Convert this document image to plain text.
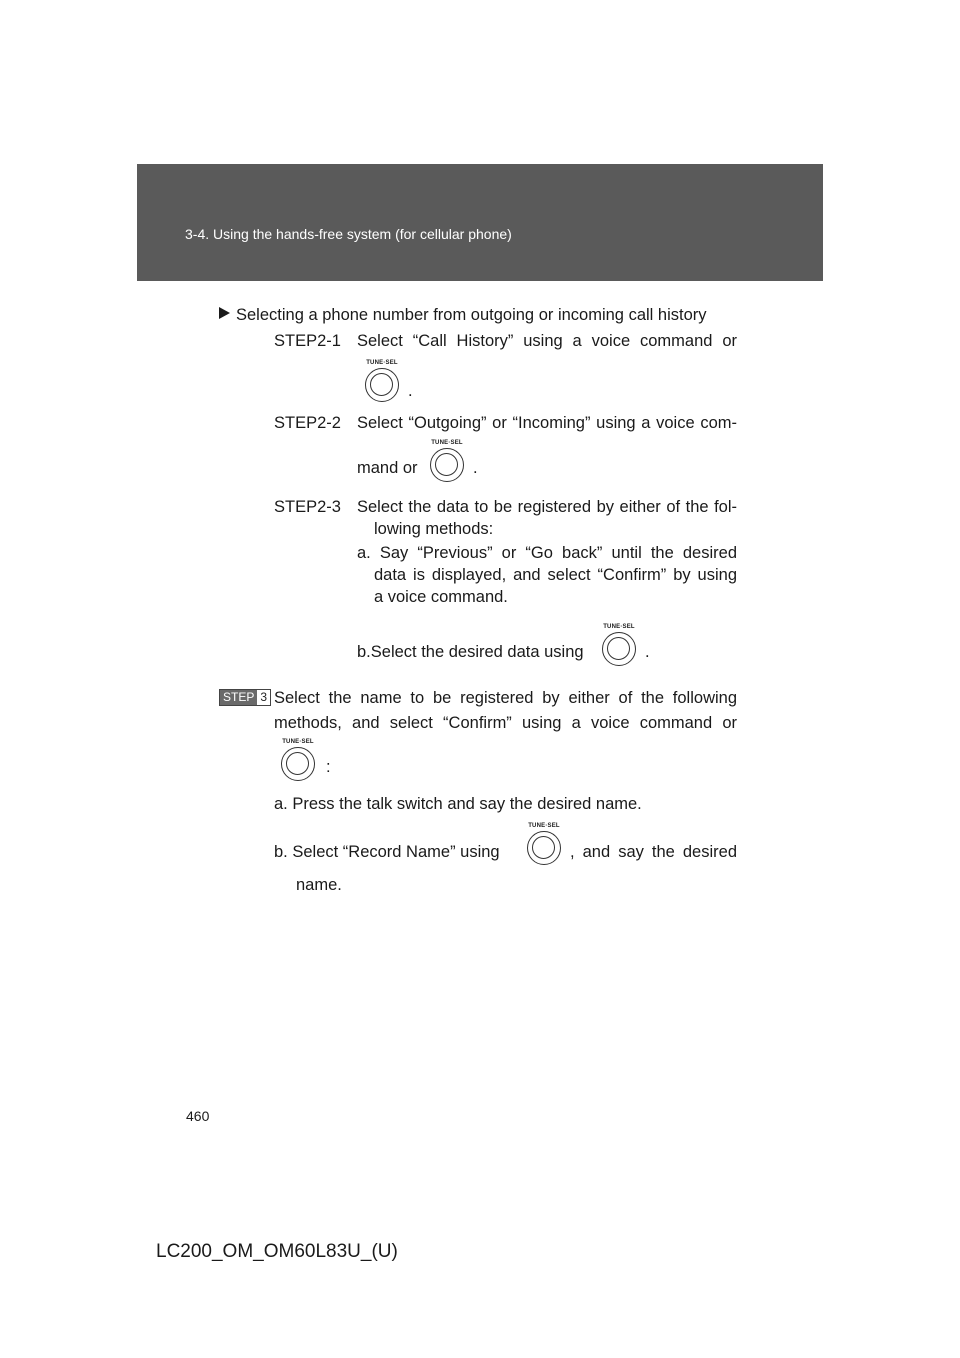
3-4. Using the hands-free system (for cellular phone)
Selecting a phone number from outgoing or incoming call history
STEP2-1 Select “Call History” using a voice command or
TUNE·SEL
.
STEP2-2 Select “Outgoing” or “Incoming” using a voice com-
mand or
TUNE·SEL
.
STEP2-3 Select the data to be registered by either of the fol-
lowing methods:
a. Say “Previous” or “Go back” until the desired
data is displayed, and select “Confirm” by using
a voice command.
b.Select the desired data using
TUNE·SEL
.
STEP 3 Select the name to be registered by either of the following
methods, and select “Confirm” using a voice command or
TUNE·SEL
:
a. Press the talk switch and say the desired name.
b. Select “Record Name” using
TUNE·SEL
, and say the desired
name.
460
LC200_OM_OM60L83U_(U)
